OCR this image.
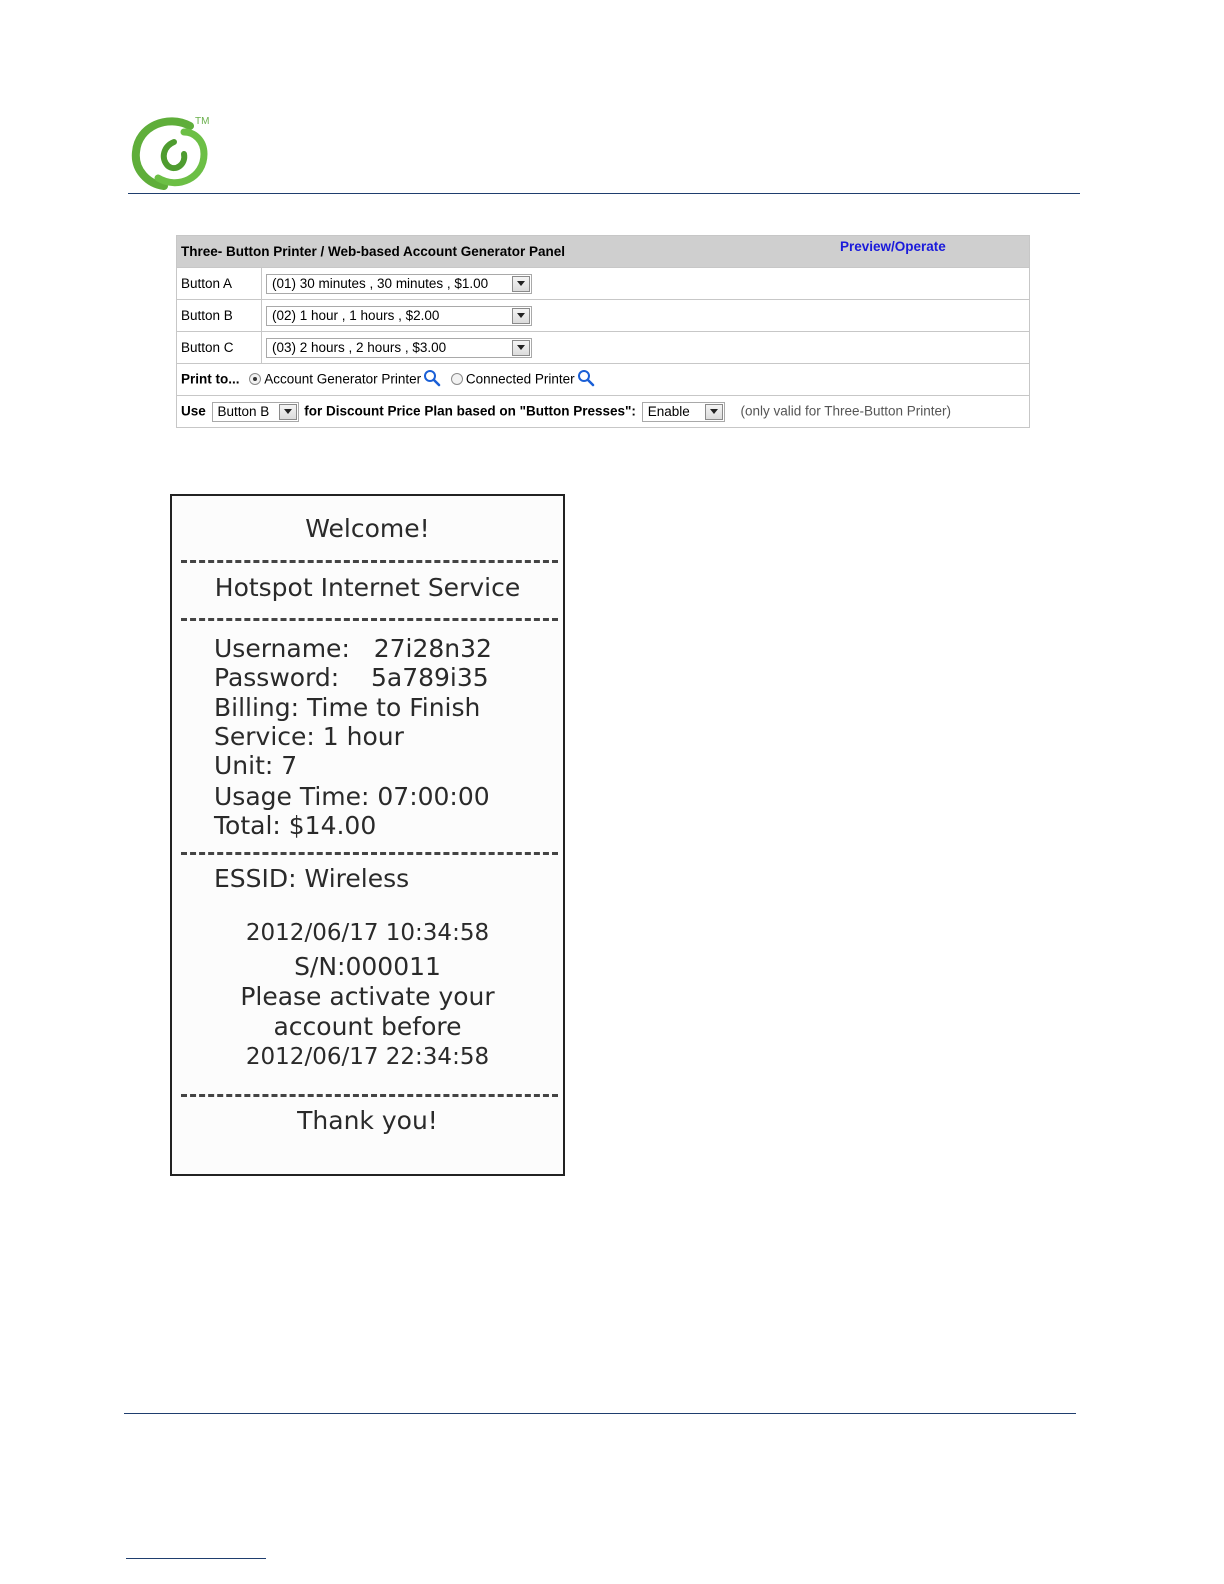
TM
Three- Button Printer / Web-based Account Generator Panel Preview/Operate	

Button A	(01) 30 minutes , 30 minutes , $1.00

Button B	(02) 1 hour , 1 hours , $2.00

Button C	(03) 2 hours , 2 hours , $3.00

Print to... Account Generator Printer Connected Printer	
Use Button B for Discount Price Plan based on "Button Presses": Enable (only valid for Three-Button Printer)	
Welcome!
Hotspot Internet Service
Username:   27i28n32
Password:    5a789i35
Billing: Time to Finish
Service: 1 hour
Unit: 7
Usage Time: 07:00:00
Total: $14.00
ESSID: Wireless
2012/06/17 10:34:58
S/N:000011
Please activate your
account before
2012/06/17 22:34:58
Thank you!
